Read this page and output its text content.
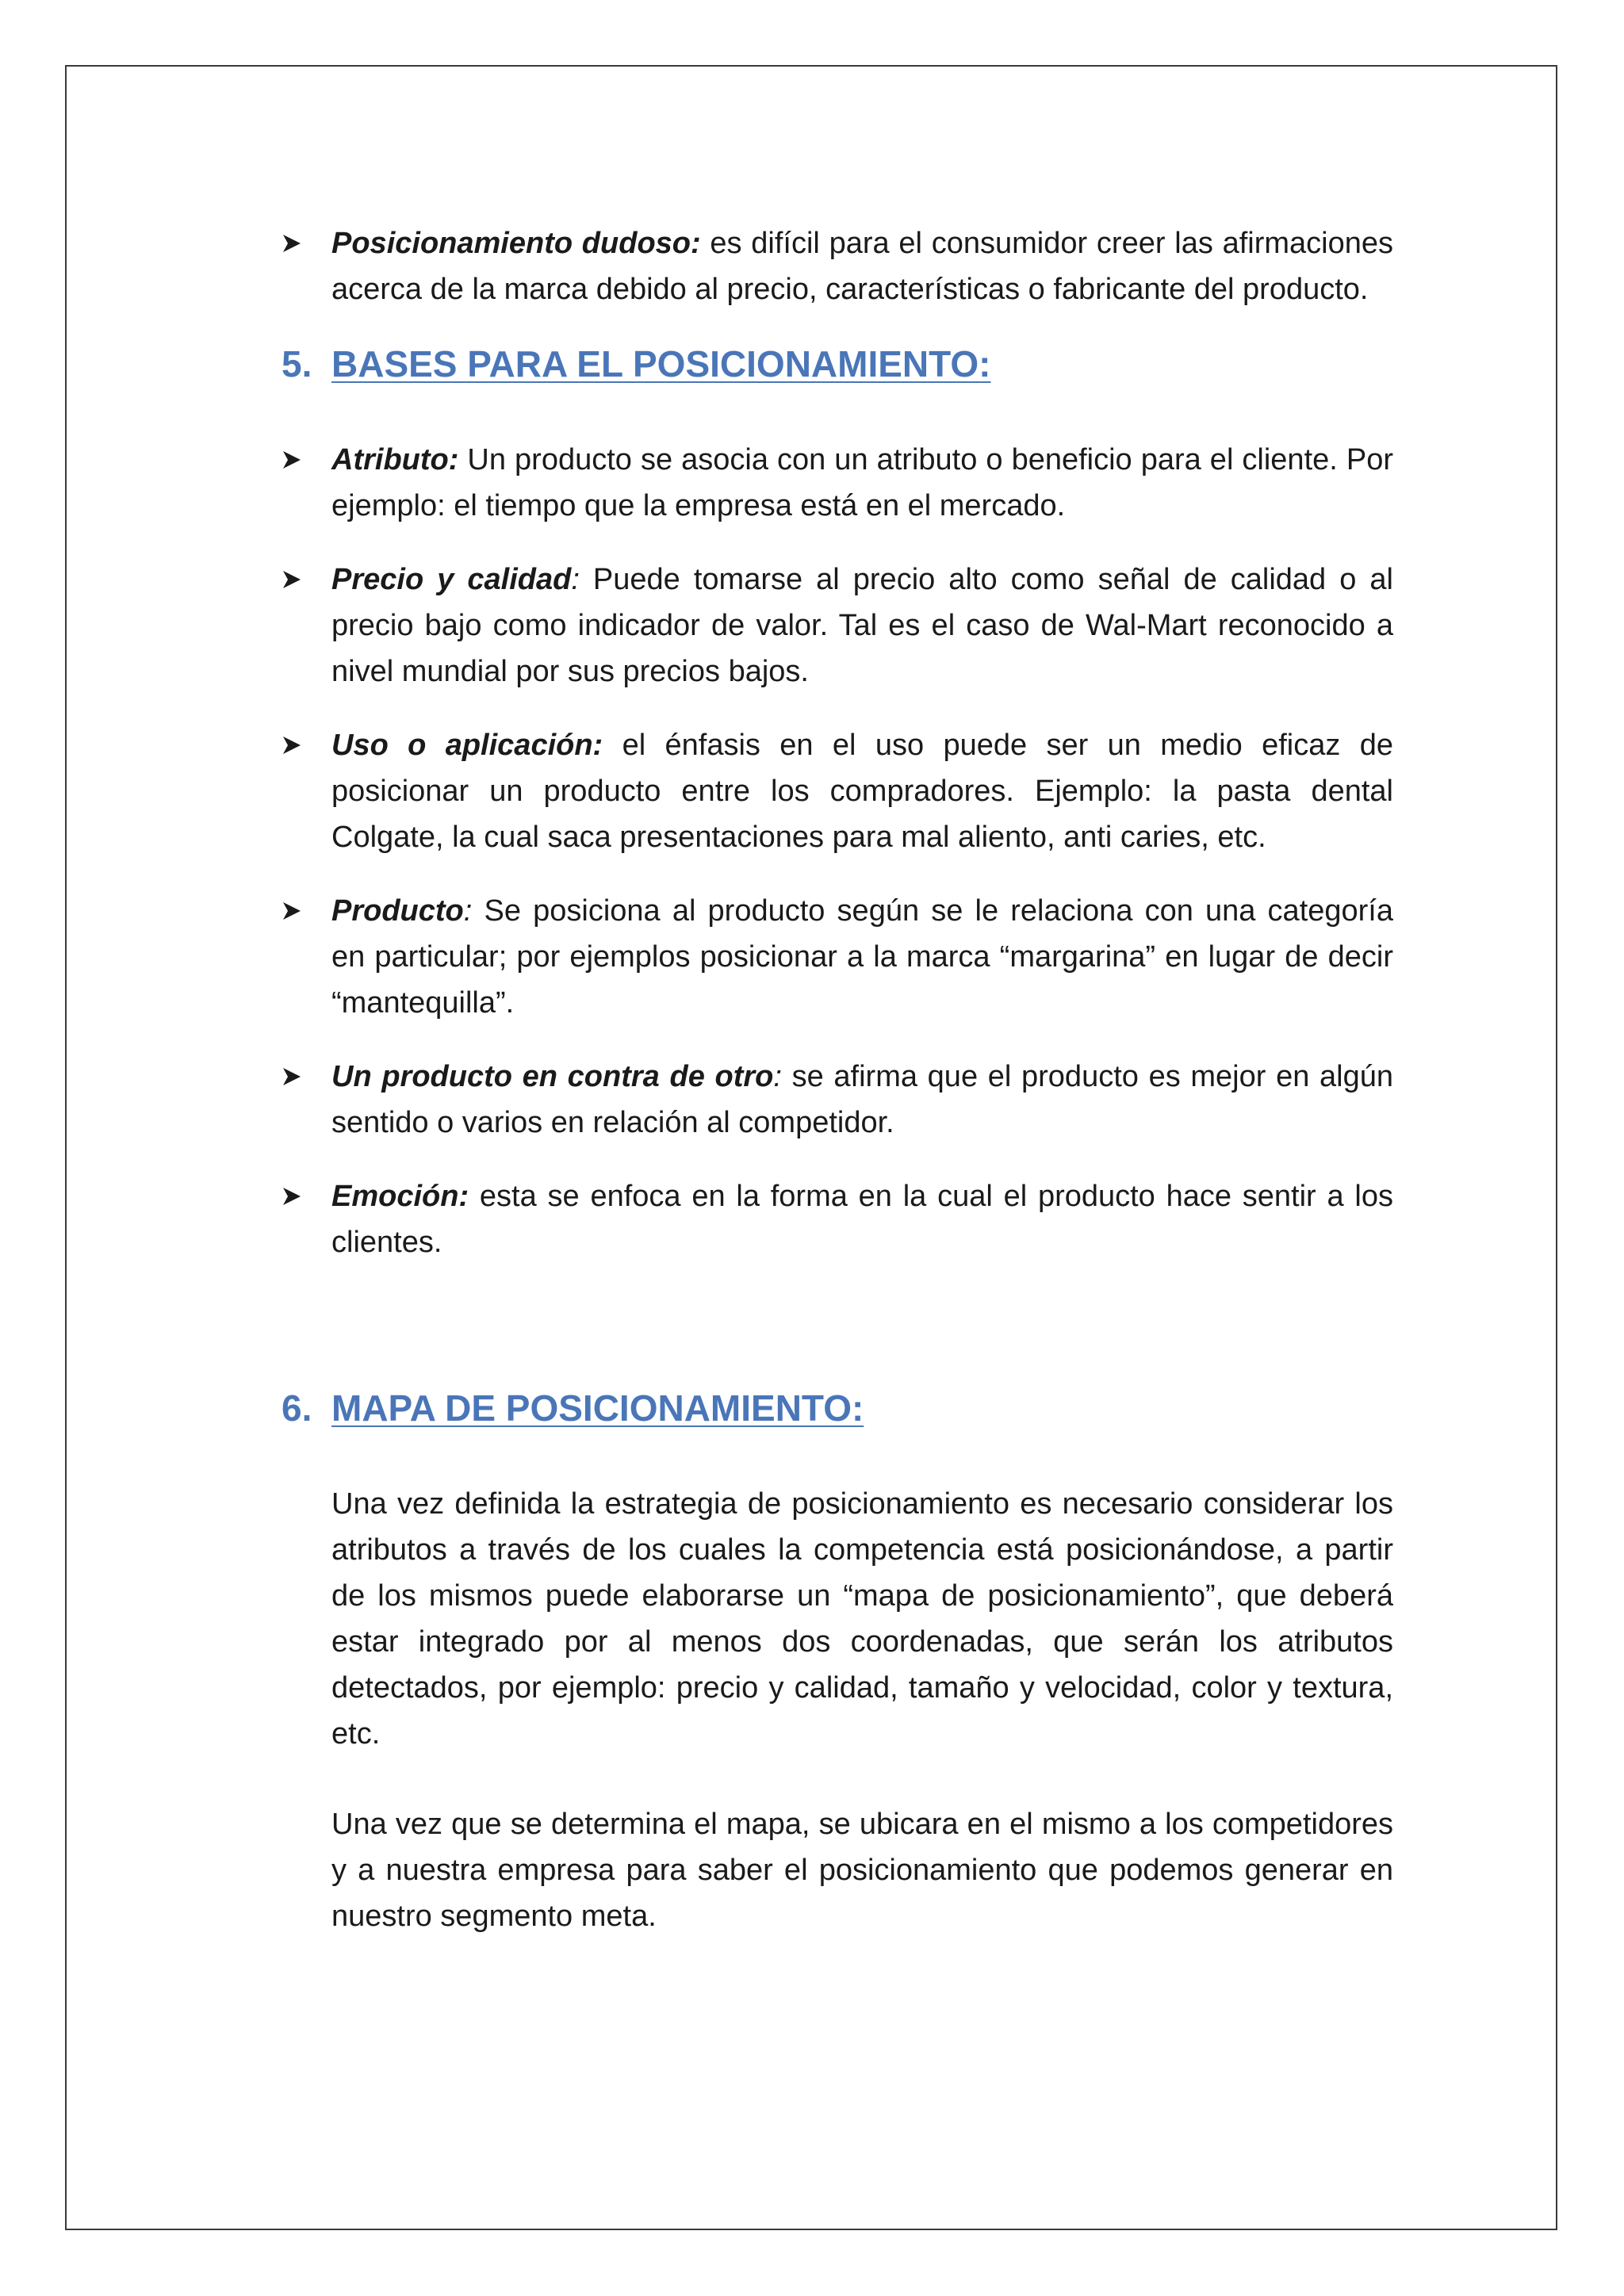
Posicionamiento dudoso: es difícil para el consumidor creer las afirmaciones acerca de la marca debido al precio, características o fabricante del producto.
5. BASES PARA EL POSICIONAMIENTO:
Atributo: Un producto se asocia con un atributo o beneficio para el cliente. Por ejemplo: el tiempo que la empresa está en el mercado.
Precio y calidad: Puede tomarse al precio alto como señal de calidad o al precio bajo como indicador de valor. Tal es el caso de Wal-Mart reconocido a nivel mundial por sus precios bajos.
Uso o aplicación: el énfasis en el uso puede ser un medio eficaz de posicionar un producto entre los compradores. Ejemplo: la pasta dental Colgate, la cual saca presentaciones para mal aliento, anti caries, etc.
Producto: Se posiciona al producto según se le relaciona con una categoría en particular; por ejemplos posicionar a la marca “margarina” en lugar de decir “mantequilla”.
Un producto en contra de otro: se afirma que el producto es mejor en algún sentido o varios en relación al competidor.
Emoción: esta se enfoca en la forma en la cual el producto hace sentir a los clientes.
6. MAPA DE POSICIONAMIENTO:

Una vez definida la estrategia de posicionamiento es necesario considerar los atributos a través de los cuales la competencia está posicionándose, a partir de los mismos puede elaborarse un “mapa de posicionamiento”, que deberá estar integrado por al menos dos coordenadas, que serán los atributos detectados, por ejemplo: precio y calidad, tamaño y velocidad, color y textura, etc.

Una vez que se determina el mapa, se ubicara en el mismo a los competidores y a nuestra empresa para saber el posicionamiento que podemos generar en nuestro segmento meta.
